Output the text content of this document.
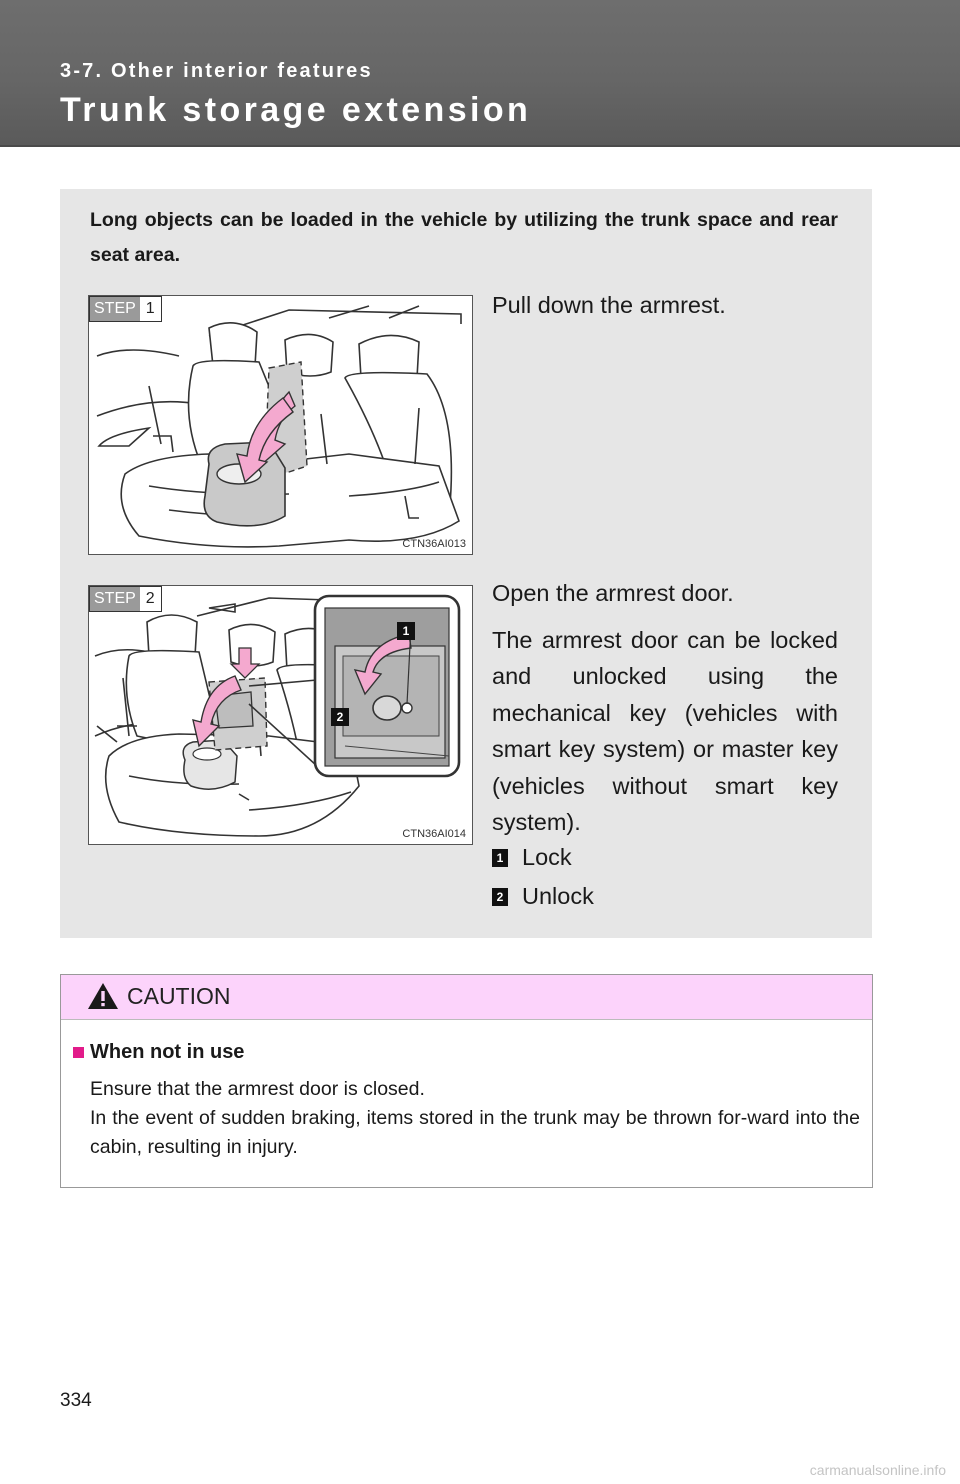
3-7. Other interior features
Trunk storage extension
Long objects can be loaded in the vehicle by utilizing the trunk space and rear seat area.
STEP 1
CTN36AI013
Pull down the armrest.
1
2
STEP 2
CTN36AI014
Open the armrest door.
The armrest door can be locked and unlocked using the mechanical key (vehicles with smart key system) or master key (vehicles without smart key system).
1 Lock
2 Unlock
CAUTION
When not in use
Ensure that the armrest door is closed.
In the event of sudden braking, items stored in the trunk may be thrown for-ward into the cabin, resulting in injury.
334
carmanualsonline.info
